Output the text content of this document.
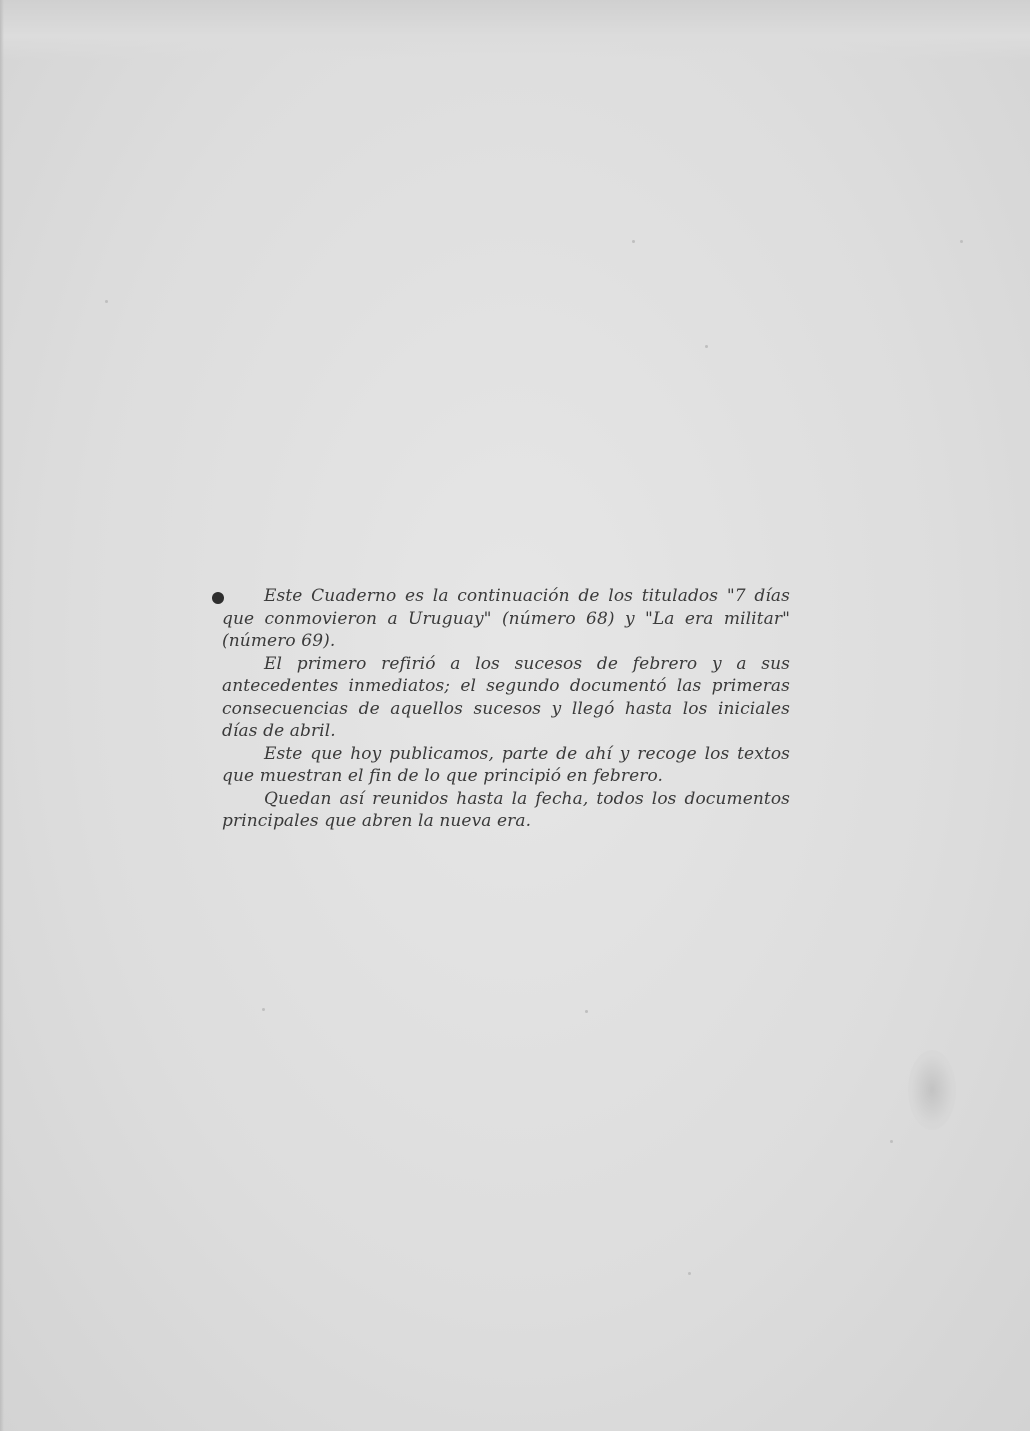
Este Cuaderno es la continuación de los titulados "7 días que conmovieron a Uruguay" (número 68) y "La era militar" (número 69).

El primero refirió a los sucesos de febrero y a sus antecedentes inmediatos; el segundo documentó las primeras consecuencias de aquellos sucesos y llegó hasta los iniciales días de abril.

Este que hoy publicamos, parte de ahí y recoge los textos que muestran el fin de lo que principió en febrero.

Quedan así reunidos hasta la fecha, todos los documentos principales que abren la nueva era.
